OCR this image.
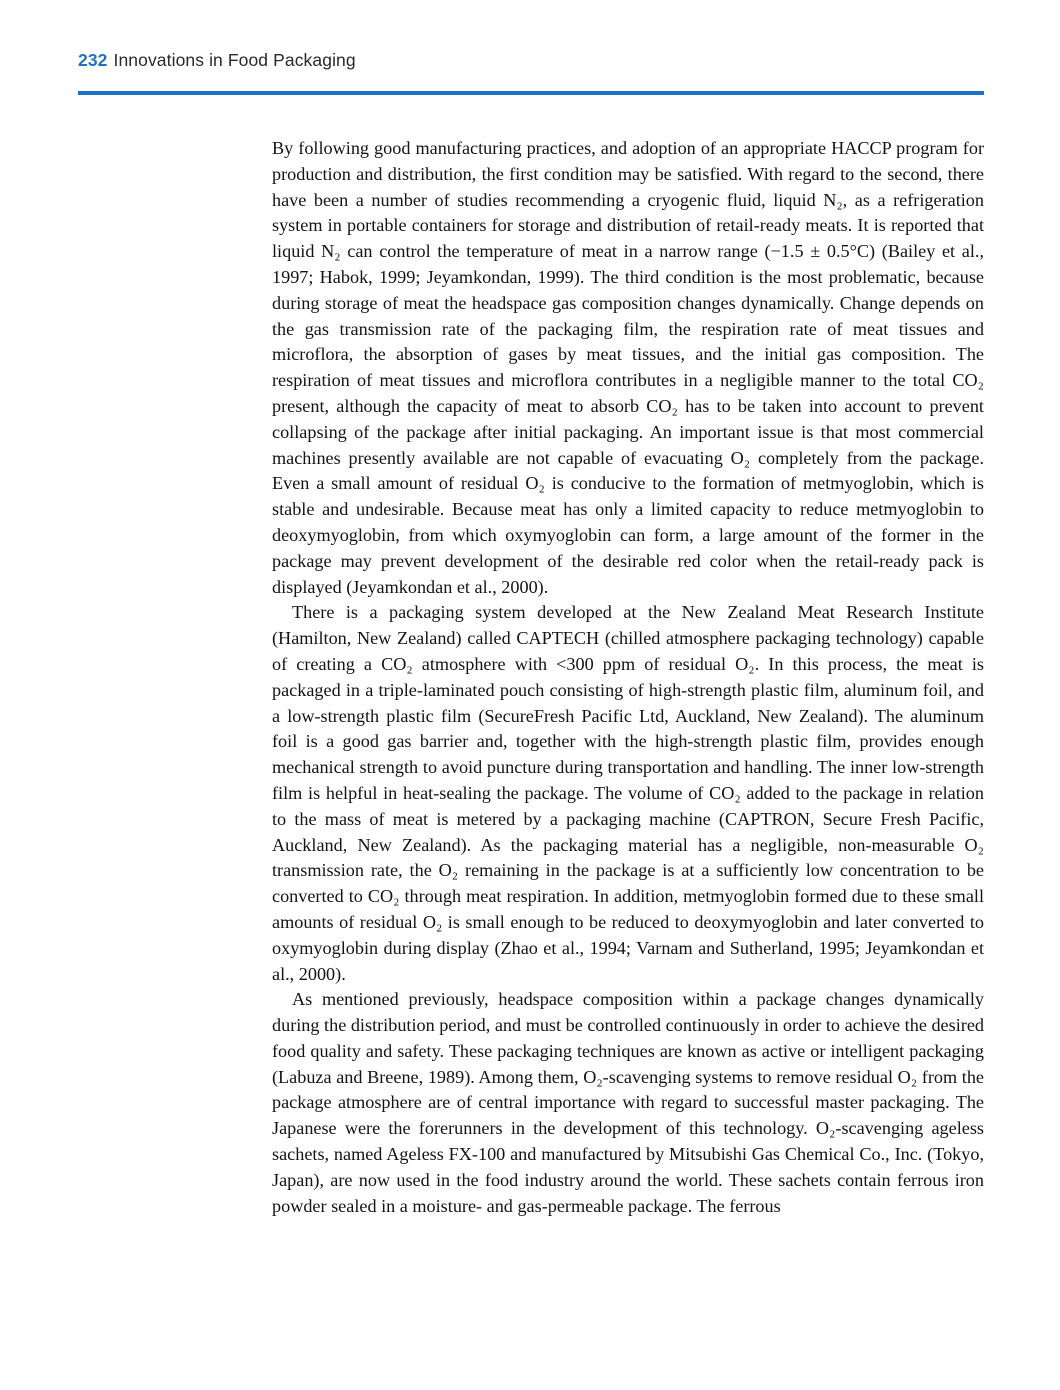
232 Innovations in Food Packaging

By following good manufacturing practices, and adoption of an appropriate HACCP program for production and distribution, the first condition may be satisfied. With regard to the second, there have been a number of studies recommending a cryogenic fluid, liquid N₂, as a refrigeration system in portable containers for storage and distribution of retail-ready meats. It is reported that liquid N₂ can control the temperature of meat in a narrow range (−1.5 ± 0.5°C) (Bailey et al., 1997; Habok, 1999; Jeyamkondan, 1999). The third condition is the most problematic, because during storage of meat the headspace gas composition changes dynamically. Change depends on the gas transmission rate of the packaging film, the respiration rate of meat tissues and microflora, the absorption of gases by meat tissues, and the initial gas composition. The respiration of meat tissues and microflora contributes in a negligible manner to the total CO₂ present, although the capacity of meat to absorb CO₂ has to be taken into account to prevent collapsing of the package after initial packaging. An important issue is that most commercial machines presently available are not capable of evacuating O₂ completely from the package. Even a small amount of residual O₂ is conducive to the formation of metmyoglobin, which is stable and undesirable. Because meat has only a limited capacity to reduce metmyoglobin to deoxymyoglobin, from which oxymyoglobin can form, a large amount of the former in the package may prevent development of the desirable red color when the retail-ready pack is displayed (Jeyamkondan et al., 2000).

There is a packaging system developed at the New Zealand Meat Research Institute (Hamilton, New Zealand) called CAPTECH (chilled atmosphere packaging technology) capable of creating a CO₂ atmosphere with <300 ppm of residual O₂. In this process, the meat is packaged in a triple-laminated pouch consisting of high-strength plastic film, aluminum foil, and a low-strength plastic film (SecureFresh Pacific Ltd, Auckland, New Zealand). The aluminum foil is a good gas barrier and, together with the high-strength plastic film, provides enough mechanical strength to avoid puncture during transportation and handling. The inner low-strength film is helpful in heat-sealing the package. The volume of CO₂ added to the package in relation to the mass of meat is metered by a packaging machine (CAPTRON, Secure Fresh Pacific, Auckland, New Zealand). As the packaging material has a negligible, non-measurable O₂ transmission rate, the O₂ remaining in the package is at a sufficiently low concentration to be converted to CO₂ through meat respiration. In addition, metmyoglobin formed due to these small amounts of residual O₂ is small enough to be reduced to deoxymyoglobin and later converted to oxymyoglobin during display (Zhao et al., 1994; Varnam and Sutherland, 1995; Jeyamkondan et al., 2000).

As mentioned previously, headspace composition within a package changes dynamically during the distribution period, and must be controlled continuously in order to achieve the desired food quality and safety. These packaging techniques are known as active or intelligent packaging (Labuza and Breene, 1989). Among them, O₂-scavenging systems to remove residual O₂ from the package atmosphere are of central importance with regard to successful master packaging. The Japanese were the forerunners in the development of this technology. O₂-scavenging ageless sachets, named Ageless FX-100 and manufactured by Mitsubishi Gas Chemical Co., Inc. (Tokyo, Japan), are now used in the food industry around the world. These sachets contain ferrous iron powder sealed in a moisture- and gas-permeable package. The ferrous
